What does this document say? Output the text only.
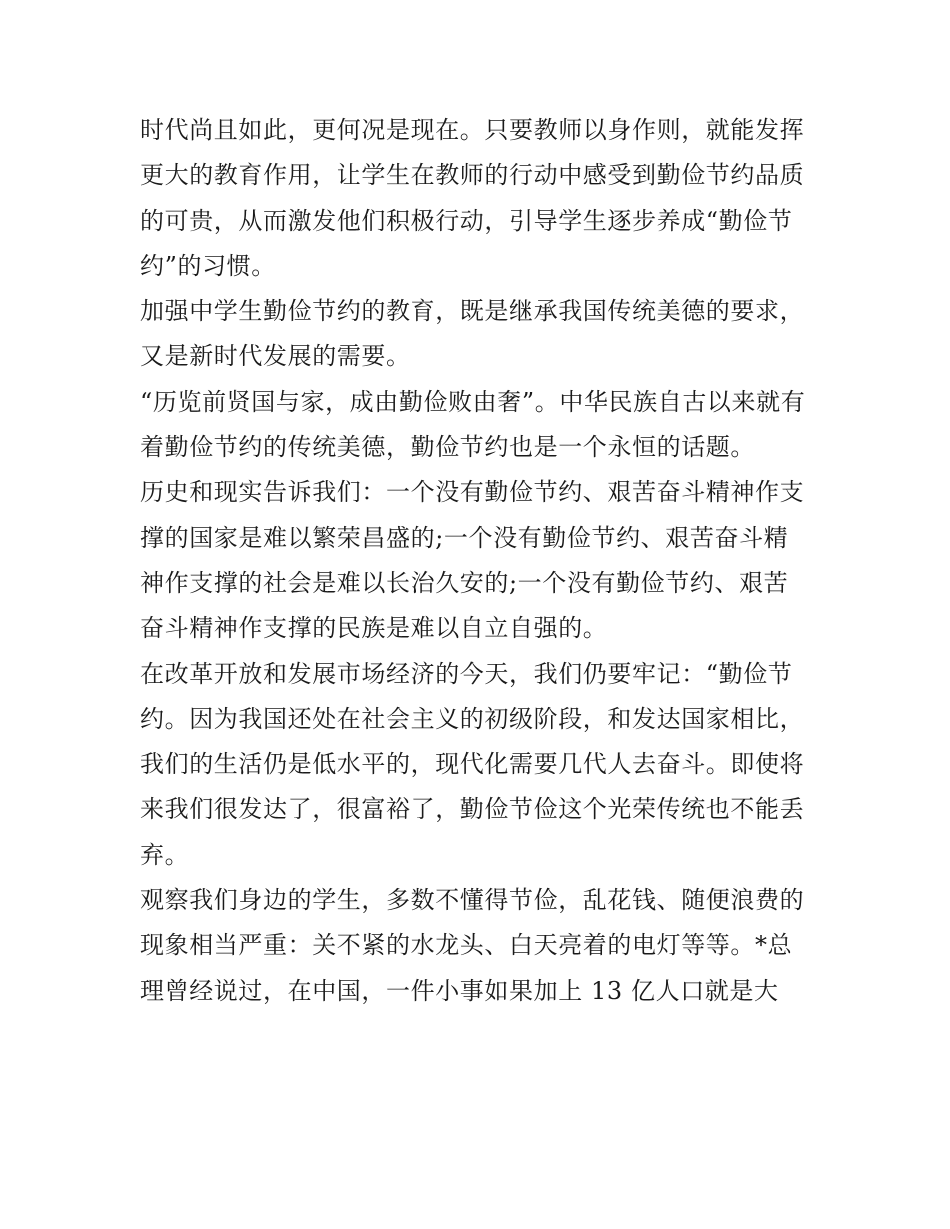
时代尚且如此，更何况是现在。只要教师以身作则，就能发挥
更大的教育作用，让学生在教师的行动中感受到勤俭节约品质
的可贵，从而激发他们积极行动，引导学生逐步养成“勤俭节
约”的习惯。
加强中学生勤俭节约的教育，既是继承我国传统美德的要求，
又是新时代发展的需要。
“历览前贤国与家，成由勤俭败由奢”。中华民族自古以来就有
着勤俭节约的传统美德，勤俭节约也是一个永恒的话题。
历史和现实告诉我们：一个没有勤俭节约、艰苦奋斗精神作支
撑的国家是难以繁荣昌盛的;一个没有勤俭节约、艰苦奋斗精
神作支撑的社会是难以长治久安的;一个没有勤俭节约、艰苦
奋斗精神作支撑的民族是难以自立自强的。
在改革开放和发展市场经济的今天，我们仍要牢记：“勤俭节
约。因为我国还处在社会主义的初级阶段，和发达国家相比，
我们的生活仍是低水平的，现代化需要几代人去奋斗。即使将
来我们很发达了，很富裕了，勤俭节俭这个光荣传统也不能丢
弃。
观察我们身边的学生，多数不懂得节俭，乱花钱、随便浪费的
现象相当严重：关不紧的水龙头、白天亮着的电灯等等。*总
理曾经说过，在中国，一件小事如果加上 13 亿人口就是大
